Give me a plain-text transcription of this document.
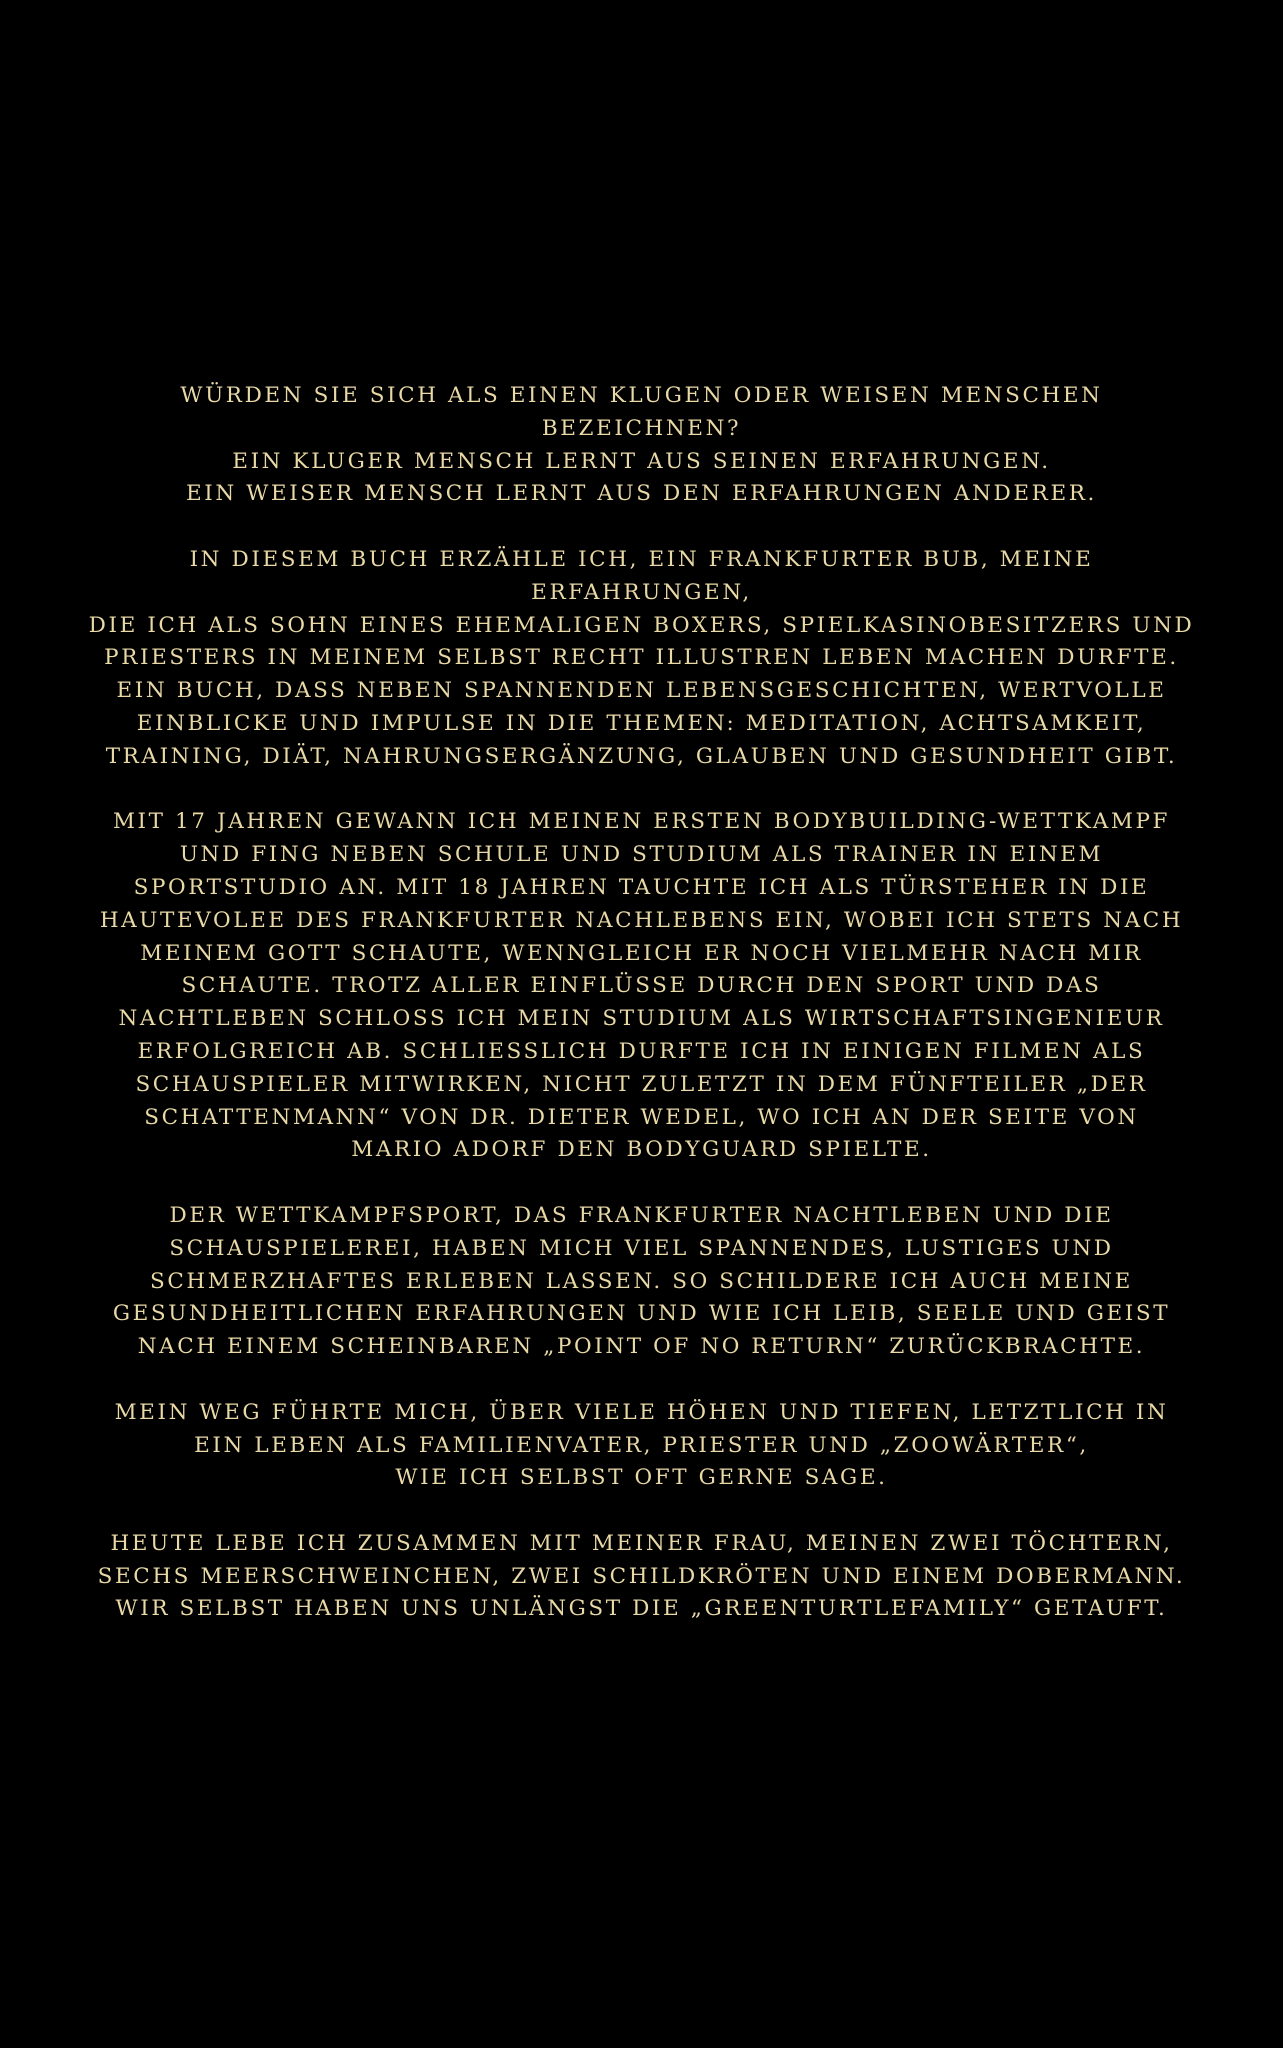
WÜRDEN SIE SICH ALS EINEN KLUGEN ODER WEISEN MENSCHEN
BEZEICHNEN?
EIN KLUGER MENSCH LERNT AUS SEINEN ERFAHRUNGEN.
EIN WEISER MENSCH LERNT AUS DEN ERFAHRUNGEN ANDERER.

IN DIESEM BUCH ERZÄHLE ICH, EIN FRANKFURTER BUB, MEINE
ERFAHRUNGEN,
DIE ICH ALS SOHN EINES EHEMALIGEN BOXERS, SPIELKASINOBESITZERS UND
PRIESTERS IN MEINEM SELBST RECHT ILLUSTREN LEBEN MACHEN DURFTE.
EIN BUCH, DASS NEBEN SPANNENDEN LEBENSGESCHICHTEN, WERTVOLLE
EINBLICKE UND IMPULSE IN DIE THEMEN: MEDITATION, ACHTSAMKEIT,
TRAINING, DIÄT, NAHRUNGSERGÄNZUNG, GLAUBEN UND GESUNDHEIT GIBT.

MIT 17 JAHREN GEWANN ICH MEINEN ERSTEN BODYBUILDING-WETTKAMPF
UND FING NEBEN SCHULE UND STUDIUM ALS TRAINER IN EINEM
SPORTSTUDIO AN. MIT 18 JAHREN TAUCHTE ICH ALS TÜRSTEHER IN DIE
HAUTEVOLEE DES FRANKFURTER NACHLEBENS EIN, WOBEI ICH STETS NACH
MEINEM GOTT SCHAUTE, WENNGLEICH ER NOCH VIELMEHR NACH MIR
SCHAUTE. TROTZ ALLER EINFLÜSSE DURCH DEN SPORT UND DAS
NACHTLEBEN SCHLOSS ICH MEIN STUDIUM ALS WIRTSCHAFTSINGENIEUR
ERFOLGREICH AB. SCHLIESSLICH DURFTE ICH IN EINIGEN FILMEN ALS
SCHAUSPIELER MITWIRKEN, NICHT ZULETZT IN DEM FÜNFTEILER „DER
SCHATTENMANN“ VON DR. DIETER WEDEL, WO ICH AN DER SEITE VON
MARIO ADORF DEN BODYGUARD SPIELTE.

DER WETTKAMPFSPORT, DAS FRANKFURTER NACHTLEBEN UND DIE
SCHAUSPIELEREI, HABEN MICH VIEL SPANNENDES, LUSTIGES UND
SCHMERZHAFTES ERLEBEN LASSEN. SO SCHILDERE ICH AUCH MEINE
GESUNDHEITLICHEN ERFAHRUNGEN UND WIE ICH LEIB, SEELE UND GEIST
NACH EINEM SCHEINBAREN „POINT OF NO RETURN“ ZURÜCKBRACHTE.

MEIN WEG FÜHRTE MICH, ÜBER VIELE HÖHEN UND TIEFEN, LETZTLICH IN
EIN LEBEN ALS FAMILIENVATER, PRIESTER UND „ZOOWÄRTER“,
WIE ICH SELBST OFT GERNE SAGE.

HEUTE LEBE ICH ZUSAMMEN MIT MEINER FRAU, MEINEN ZWEI TÖCHTERN,
SECHS MEERSCHWEINCHEN, ZWEI SCHILDKRÖTEN UND EINEM DOBERMANN.
WIR SELBST HABEN UNS UNLÄNGST DIE „GREENTURTLEFAMILY“ GETAUFT.
